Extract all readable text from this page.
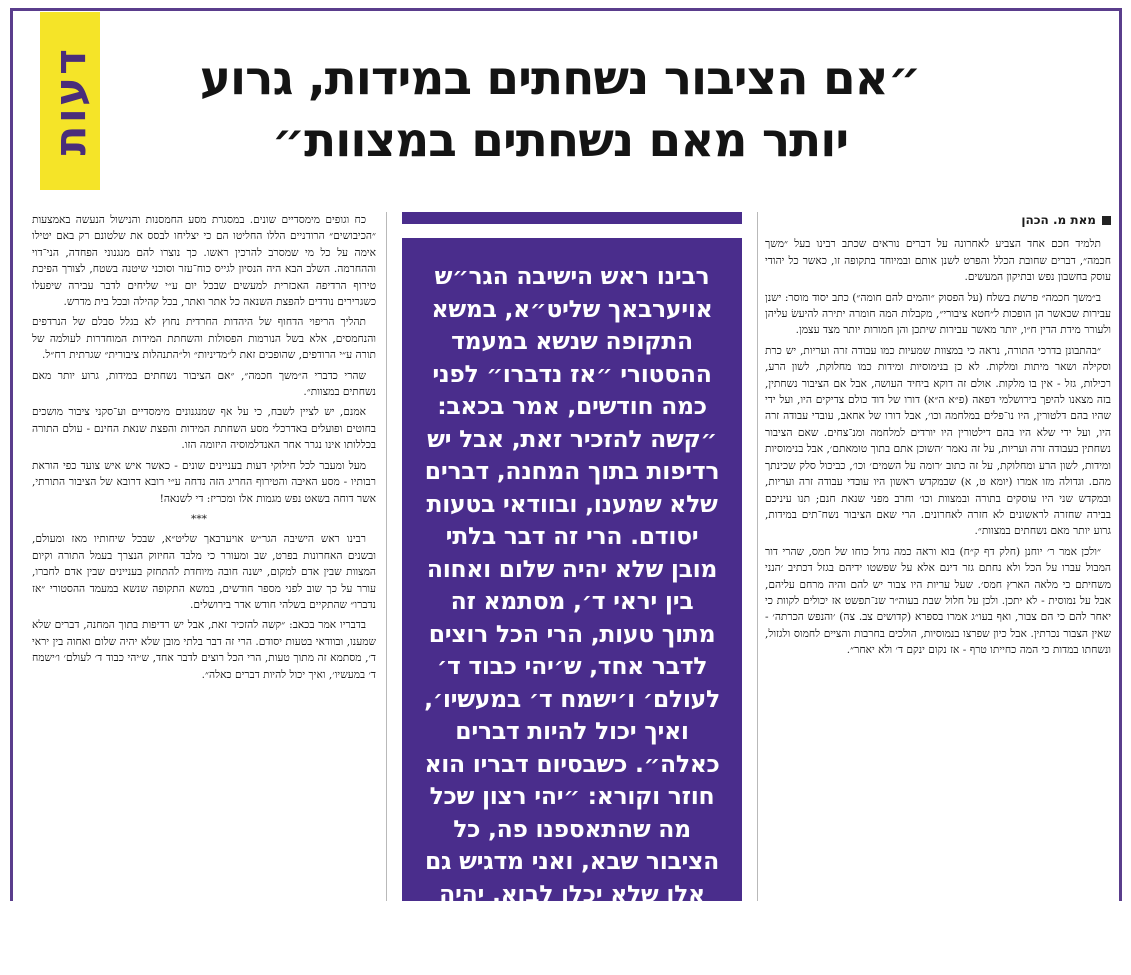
דעות	״אם הציבור נשחתים במידות, גרוע
יותר מאם נשחתים במצוות״
מאת מ. הכהן

תלמיד חכם אחד הצביע לאחרונה על דברים נוראים שכתב רבינו בעל ״משך חכמה״, דברים שחובת הכלל והפרט לשנן אותם ובמיוחד בתקופה זו, כאשר כל יהודי עוסק בחשבון נפש ובתיקון המעשים.

ב״משך חכמה״ פרשת בשלח (על הפסוק ״והמים להם חומה״) כתב יסוד מוסר: ישנן עבירות שכאשר הן הופכות ל״חטא ציבורי״, מקבלות המה חומרה יתירה להיעשׂ עליהן ולעורר מידת הדין ח״ו, יותר מאשר עבירות שיתכן והן חמורות יותר מצד עצמן.

״בהתבונן בדרכי התורה, נראה כי במצוות שמעיות כמו עבודה זרה ועריות, יש כרת וסקילה ושאר מיתות ומלקות. לא כן בנימוסיות ומידות כמו מחלוקת, לשון הרע, רכילות, גזל - אין בו מלקות. אולם זה דוקא ביחיד העושה, אבל אם הציבור נשחתין, בזה מצאנו להיפך בירושלמי דפאה (פ״א ה״א) דורו של דוד כולם צדיקים היו, ועל ידי שהיו בהם דלטורין, היו נו־פלים במלחמה וכו׳, אבל דורו של אחאב, עובדי עבודה זרה היו, ועל ידי שלא היו בהם דילטורין היו יורדים למלחמה ומנ־צחים. שאם הציבור נשחתין בעבודה זרה ועריות, על זה נאמר ׳השוכן אתם בתוך טומאתם׳, אבל בנימוסיות ומידות, לשון הרע ומחלוקת, על זה כתוב ׳רומה על השמים׳ וכו׳, כביכול סלק שכינתך מהם. וגדולה מזו אמרו (יומא ט, א) שבמקדש ראשון היו עובדי עבודה זרה ועריות, ובמקדש שני היו עוסקים בתורה ובמצוות וכו׳ וחרב מפני שנאת חנם; תנו עיניכם בבירה שחזרה לראשונים לא חזרה לאחרונים. הרי שאם הציבור נשח־תים במידות, גרוע יותר מאם נשחתים במצוות״.

״ולכן אמר ר׳ יוחנן (חלק דף ק״ח) בוא וראה כמה גדול כוחו של חמס, שהרי דור המבול עברו על הכל ולא נחתם גזר דינם אלא על שפשטו ידיהם בגזל דכתיב ׳הנני משחיתם כי מלאה הארץ חמס׳. שעל עריות היו צבור יש להם והיה מרחם עליהם, אבל על נמוסית - לא יתכן. ולכן על חלול שבת בעוה״ר שנ־תפשט אז יכולים לקוות כי יאחר להם כי הם צבור, ואף בעו״ג אמרו בספרא (קדושים צב. צה) ׳והנפש הכרתה׳ - שאין הצבור נכרתין. אבל כיון שפרצו בנמוסיות, הולכים בחרבות והציים לחמוס ולגזול, ונשחתו במדות כי המה כחייתו טרף - אז נקום ינקם ד׳ ולא יאחר״.

רבינו ראש הישיבה הגר״ש אויערבאך שליט״א, במשא התקופה שנשא במעמד ההסטורי ״אז נדברו״ לפני כמה חודשים, אמר בכאב: ״קשה להזכיר זאת, אבל יש רדיפות בתוך המחנה, דברים שלא שמענו, ובוודאי בטעות יסודם. הרי זה דבר בלתי מובן שלא יהיה שלום ואחוה בין יראי ד׳, מסתמא זה מתוך טעות, הרי הכל רוצים לדבר אחד, ש׳יהי כבוד ד׳ לעולם׳ ו׳ישמח ד׳ במעשיו׳, ואיך יכול להיות דברים כאלה״. כשבסיום דבריו הוא חוזר וקורא: ״יהי רצון שכל מה שהתאספנו פה, כל הציבור שבא, ואני מדגיש גם אלו שלא יכלו לבוא, יהיה להרבות כבוד שמים בכל המושגים,

כח וגופים מימסדיים שונים. במסגרת מסע החמסנות והנישול הנעשה באמצעות ״הכיבושים״ הרודניים הללו החליטו הם כי יצליחו לבסס את שלטונם רק באם יטילו אימה על כל מי שמסרב להרכין ראשו. כך נוצרו להם מנגנוני הפחדה, הני־דוי וההחרמה. השלב הבא היה הנסיון לגייס כוח־עזר וסוכני שיטנה בשטח, לצורך הפיכת טירוף הרדיפה האכזרית למעשים שבכל יום ע״י שליחים לדבר עבירה שיפעלו כשגרירים נודדים להפצת השנאה כל אתר ואתר, בכל קהילה ובכל בית מדרש.

תהליך הריפוי הדחוף של היהדות החרדית נחוץ לא בגלל סבלם של הנרדפים והנחמסים, אלא בשל הנורמות הפסולות והשחתת המידות המוחדרות לעולמה של תורה ע״י הרודפים, שהופכים זאת ל״מדיניות״ ול״התנהלות ציבורית״ שגרתית רח״ל.

שהרי כדברי ה״משך חכמה״, ״אם הציבור נשחתים במידות, גרוע יותר מאם נשחתים במצוות״.

אמנם, יש לציין לשבח, כי על אף שמנגנונים מימסדיים וע־סקני ציבור מושכים בחוטים ופועלים באדרכלי מסע השחתת המידות והפצת שנאת החינם - עולם התורה בכללותו אינו נגרר אחר האנדלמוסיה היזומה הזו.

מעל ומעבר לכל חילוקי דעות בעניינים שונים - כאשר איש איש צועד כפי הוראת רבותיו - מסע האיבה והטירוף החריג הזה נדחה ע״י רובא דרובא של הציבור התורתי, אשר דוחה בשאט נפש מגמות אלו ומכריז: די לשנאה!

***

רבינו ראש הישיבה הגר״ש אויערבאך שליט״א, שבכל שיחותיו מאז ומעולם, ובשנים האחרונות בפרט, שב ומעורר כי מלבד החיזוק הנצרך בעמל התורה וקיום המצוות שבין אדם למקום, ישנה חובה מיוחדת להתחזק בעניינים שבין אדם לחברו, עורר על כך שוב לפני מספר חודשים, במשא התקופה שנשא במעמד ההסטורי ״אז נדברו״ שהתקיים בשלהי חודש אדר בירושלים.

בדבריו אמר בכאב: ״קשה להזכיר זאת, אבל יש רדיפות בתוך המחנה, דברים שלא שמענו, ובוודאי בטעות יסודם. הרי זה דבר בלתי מובן שלא יהיה שלום ואחוה בין יראי ד׳, מסתמא זה מתוך טעות, הרי הכל רוצים לדבר אחד, ש׳יהי כבוד ד׳ לעולם׳ ו׳ישמח ד׳ במעשיו׳, ואיך יכול להיות דברים כאלה״.
